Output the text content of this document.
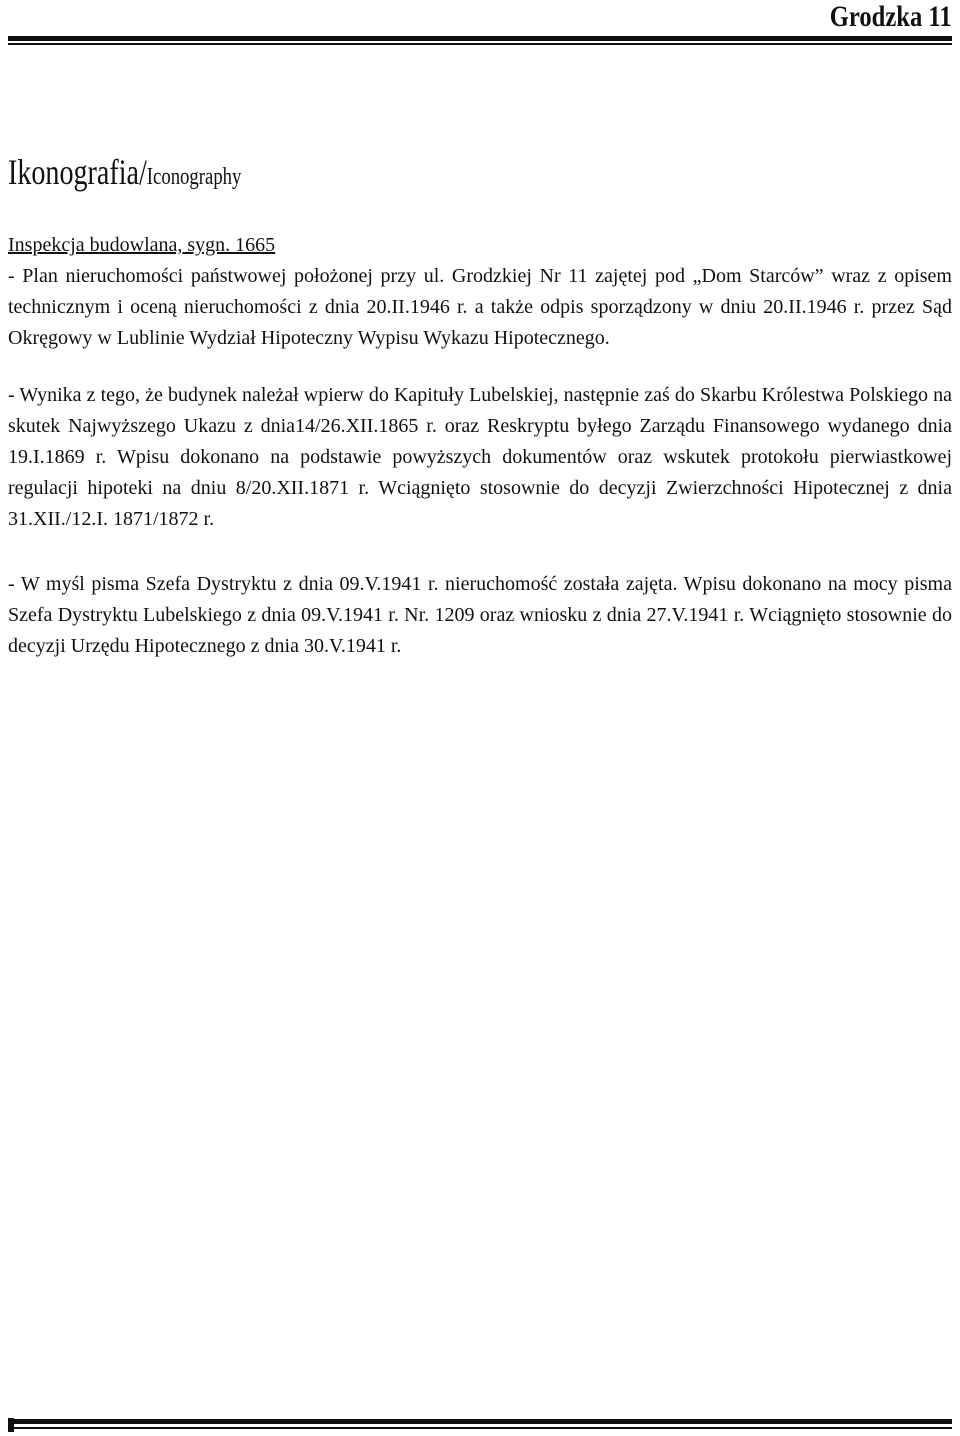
Grodzka 11
Ikonografia/Iconography

Inspekcja budowlana, sygn. 1665

- Plan nieruchomości państwowej położonej przy ul. Grodzkiej Nr 11 zajętej pod „Dom Starców” wraz z opisem technicznym i oceną nieruchomości z dnia 20.II.1946 r. a także odpis sporządzony w dniu 20.II.1946 r. przez Sąd Okręgowy w Lublinie Wydział Hipoteczny Wypisu Wykazu Hipotecznego.

- Wynika z tego, że budynek należał wpierw do Kapituły Lubelskiej, następnie zaś do Skarbu Królestwa Polskiego na skutek Najwyższego Ukazu z dnia14/26.XII.1865 r. oraz Reskryptu byłego Zarządu Finansowego wydanego dnia 19.I.1869 r. Wpisu dokonano na podstawie powyższych dokumentów oraz wskutek protokołu pierwiastkowej regulacji hipoteki na dniu 8/20.XII.1871 r. Wciągnięto stosownie do decyzji Zwierzchności Hipotecznej z dnia 31.XII./12.I. 1871/1872 r.

- W myśl pisma Szefa Dystryktu z dnia 09.V.1941 r. nieruchomość została zajęta. Wpisu dokonano na mocy pisma Szefa Dystryktu Lubelskiego z dnia 09.V.1941 r. Nr. 1209 oraz wniosku z dnia 27.V.1941 r. Wciągnięto stosownie do decyzji Urzędu Hipotecznego z dnia 30.V.1941 r.
